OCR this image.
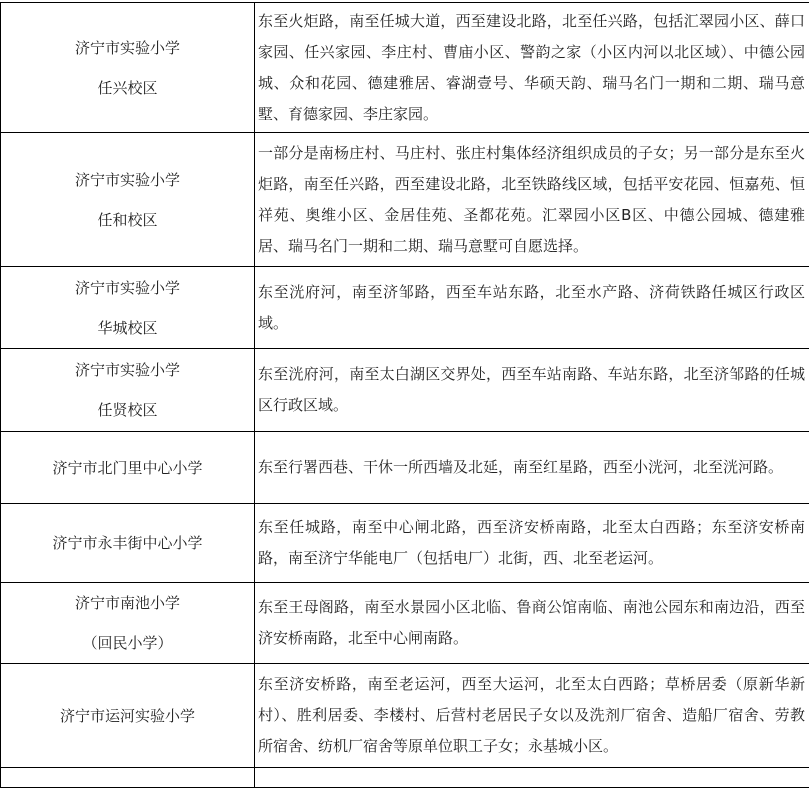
济宁市实验小学
任兴校区	东至火炬路，南至任城大道，西至建设北路，北至任兴路，包括汇翠园小区、薛口家园、任兴家园、李庄村、曹庙小区、警韵之家（小区内河以北区域）、中德公园城、众和花园、德建雅居、睿湖壹号、华硕天韵、瑞马名门一期和二期、瑞马意墅、育德家园、李庄家园。

济宁市实验小学
任和校区	一部分是南杨庄村、马庄村、张庄村集体经济组织成员的子女；另一部分是东至火炬路，南至任兴路，西至建设北路，北至铁路线区域，包括平安花园、恒嘉苑、恒祥苑、奥维小区、金居佳苑、圣都花苑。汇翠园小区B区、中德公园城、德建雅居、瑞马名门一期和二期、瑞马意墅可自愿选择。

济宁市实验小学
华城校区	东至洸府河，南至济邹路，西至车站东路，北至水产路、济荷铁路任城区行政区域。

济宁市实验小学
任贤校区	东至洸府河，南至太白湖区交界处，西至车站南路、车站东路，北至济邹路的任城区行政区域。

济宁市北门里中心小学	东至行署西巷、干休一所西墙及北延，南至红星路，西至小洸河，北至洸河路。

济宁市永丰街中心小学	东至任城路，南至中心闸北路，西至济安桥南路，北至太白西路；东至济安桥南路，南至济宁华能电厂（包括电厂）北街，西、北至老运河。

济宁市南池小学
（回民小学）	东至王母阁路，南至水景园小区北临、鲁商公馆南临、南池公园东和南边沿，西至济安桥南路，北至中心闸南路。

济宁市运河实验小学	东至济安桥路，南至老运河，西至大运河，北至太白西路；草桥居委（原新华新村）、胜利居委、李楼村、后营村老居民子女以及洗剂厂宿舍、造船厂宿舍、劳教所宿舍、纺机厂宿舍等原单位职工子女；永基城小区。
